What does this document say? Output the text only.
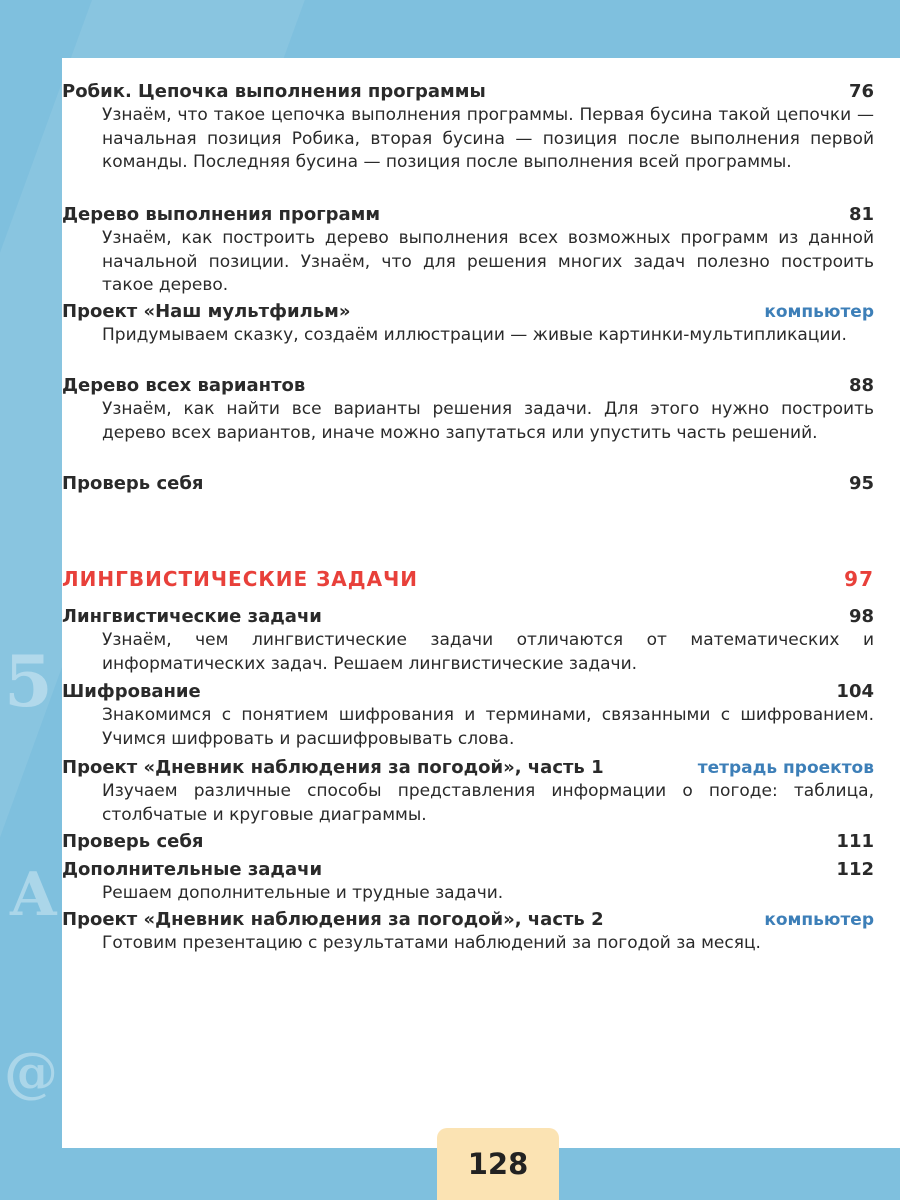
5
A
@
Робик. Цепочка выполнения программы	76
Узнаём, что такое цепочка выполнения программы. Первая бусина такой цепочки — начальная позиция Робика, вторая бусина — позиция после выполнения первой команды. Последняя бусина — позиция после выполнения всей программы.
Дерево выполнения программ	81
Узнаём, как построить дерево выполнения всех возможных программ из данной начальной позиции. Узнаём, что для решения многих задач полезно построить такое дерево.
Проект «Наш мультфильм»	компьютер
Придумываем сказку, создаём иллюстрации — живые картинки-мультипликации.
Дерево всех вариантов	88
Узнаём, как найти все варианты решения задачи. Для этого нужно построить дерево всех вариантов, иначе можно запутаться или упустить часть решений.
Проверь себя	95
ЛИНГВИСТИЧЕСКИЕ ЗАДАЧИ	97
Лингвистические задачи	98
Узнаём, чем лингвистические задачи отличаются от математических и информатических задач. Решаем лингвистические задачи.
Шифрование	104
Знакомимся с понятием шифрования и терминами, связанными с шифрованием. Учимся шифровать и расшифровывать слова.
Проект «Дневник наблюдения за погодой», часть 1	тетрадь проектов
Изучаем различные способы представления информации о погоде: таблица, столбчатые и круговые диаграммы.
Проверь себя	111
Дополнительные задачи	112
Решаем дополнительные и трудные задачи.
Проект «Дневник наблюдения за погодой», часть 2	компьютер
Готовим презентацию с результатами наблюдений за погодой за месяц.
128
